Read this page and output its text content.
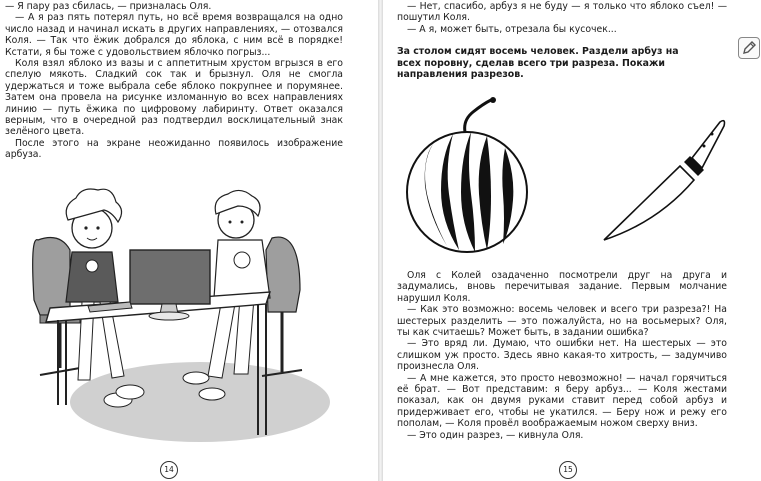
— Я пару раз сбилась, — призналась Оля.

— А я раз пять потерял путь, но всё время возвращался на одно число назад и начинал искать в других направлениях, — отозвался Коля. — Так что ёжик добрался до яблока, с ним всё в порядке! Кстати, я бы тоже с удовольствием яблочко погрыз...

Коля взял яблоко из вазы и с аппетитным хрустом вгрызся в его спелую мякоть. Сладкий сок так и брызнул. Оля не смогла удержаться и тоже выбрала себе яблоко покрупнее и порумянее. Затем она провела на рисунке изломанную во всех направлениях линию — путь ёжика по цифровому лабиринту. Ответ оказался верным, что в очередной раз подтвердил восклицательный знак зелёного цвета.

После этого на экране неожиданно появилось изображение арбуза.

14

— Нет, спасибо, арбуз я не буду — я только что яблоко съел! — пошутил Коля.

— А я, может быть, отрезала бы кусочек...

За столом сидят восемь человек. Раздели арбуз на всех поровну, сделав всего три разреза. Покажи направления разрезов.

Оля с Колей озадаченно посмотрели друг на друга и задумались, вновь перечитывая задание. Первым молчание нарушил Коля.

— Как это возможно: восемь человек и всего три разреза?! На шестерых разделить — это пожалуйста, но на восьмерых? Оля, ты как считаешь? Может быть, в задании ошибка?

— Это вряд ли. Думаю, что ошибки нет. На шестерых — это слишком уж просто. Здесь явно какая-то хитрость, — задумчиво произнесла Оля.

— А мне кажется, это просто невозможно! — начал горячиться её брат. — Вот представим: я беру арбуз... — Коля жестами показал, как он двумя руками ставит перед собой арбуз и придерживает его, чтобы не укатился. — Беру нож и режу его пополам, — Коля провёл воображаемым ножом сверху вниз.

— Это один разрез, — кивнула Оля.

15
